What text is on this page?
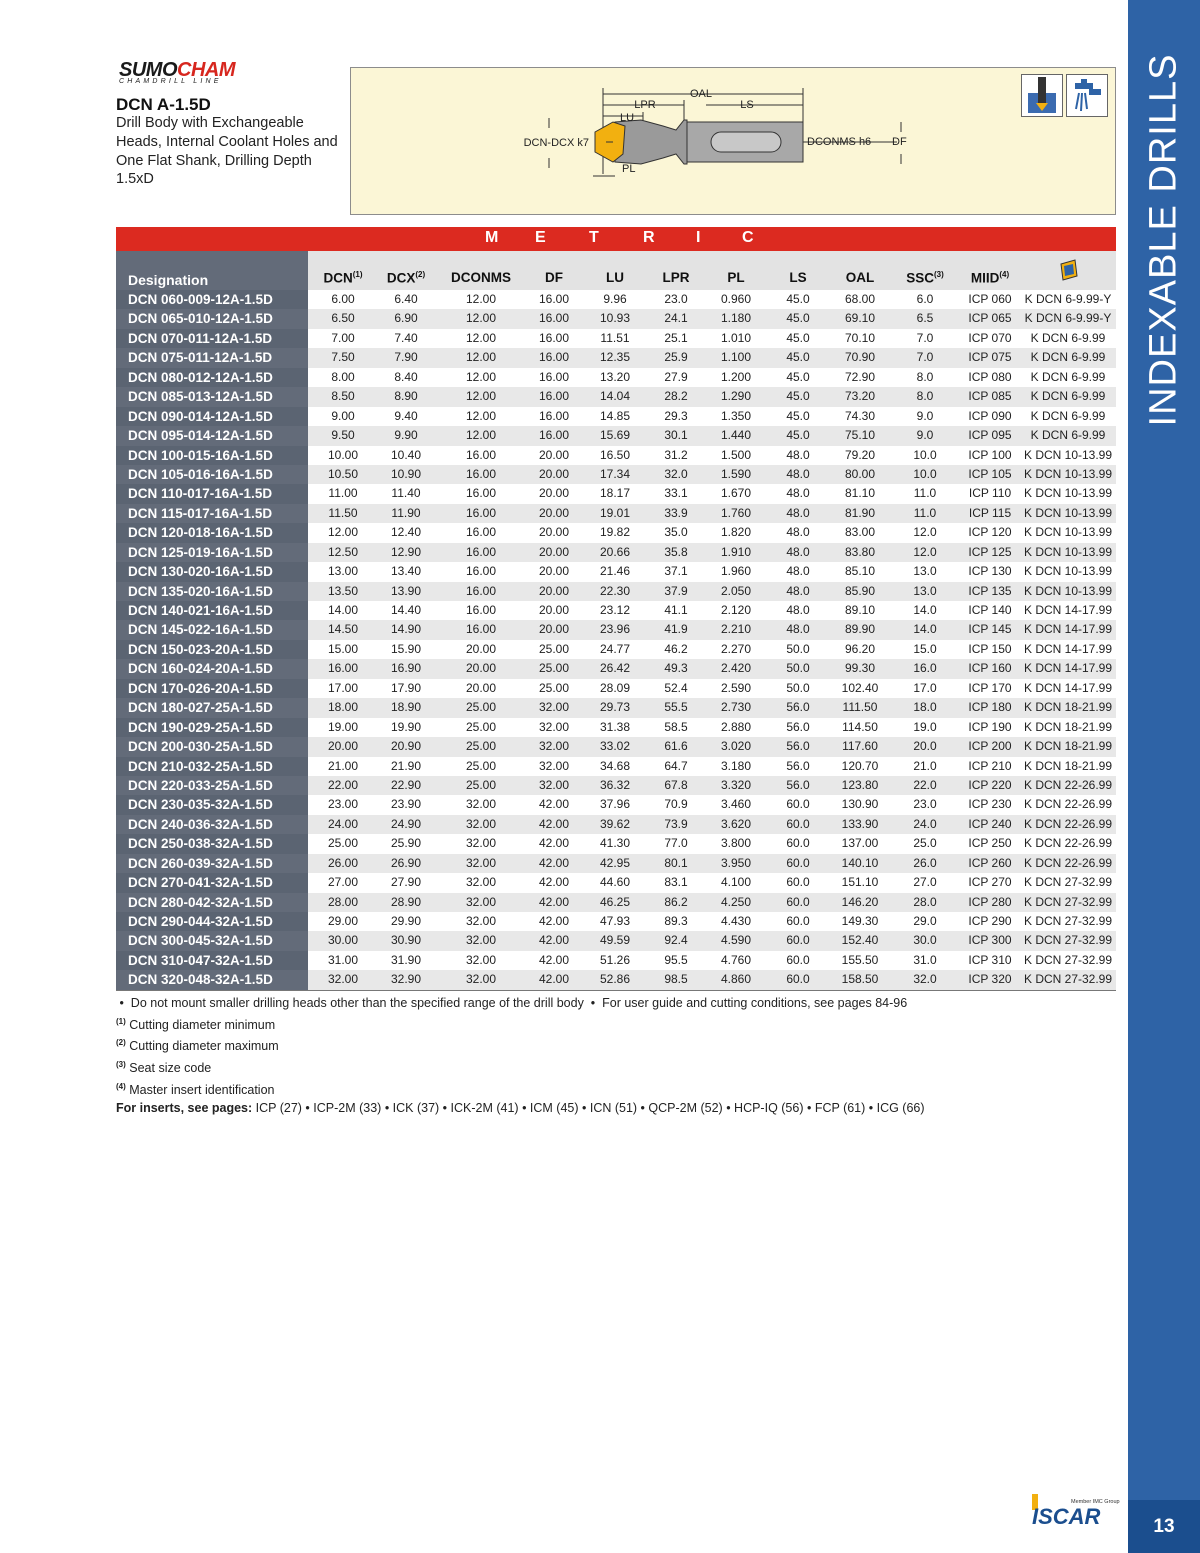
INDEXABLE DRILLS
13
SUMOCHAM
CHAMDRILL LINE
DCN A-1.5D
Drill Body with Exchangeable Heads, Internal Coolant Holes and One Flat Shank, Drilling Depth 1.5xD
OAL
LPR	LS
LU
DCN-DCX k7	DCONMS h6 DF
PL
M E	T	R	I	C
Designation	DCN$^{(1)}$ DCX$^{(2)}$ DCONMS	DF	LU	LPR	PL	LS	OAL SSC$^{(3)}$ MIID$^{(4)}$
DCN 060-009-12A-1.5D	6.00	6.40	12.00	16.00	9.96	23.0	0.960	45.0	68.00	6.0	ICP 060 K DCN 6-9.99-Y
DCN 065-010-12A-1.5D	6.50	6.90	12.00	16.00	10.93	24.1	1.180	45.0	69.10	6.5	ICP 065 K DCN 6-9.99-Y
DCN 070-011-12A-1.5D	7.00	7.40	12.00	16.00	11.51	25.1	1.010	45.0	70.10	7.0	ICP 070 K DCN 6-9.99
DCN 075-011-12A-1.5D	7.50	7.90	12.00	16.00	12.35	25.9	1.100	45.0	70.90	7.0	ICP 075 K DCN 6-9.99
DCN 080-012-12A-1.5D	8.00	8.40	12.00	16.00	13.20	27.9	1.200	45.0	72.90	8.0	ICP 080 K DCN 6-9.99
DCN 085-013-12A-1.5D	8.50	8.90	12.00	16.00	14.04	28.2	1.290	45.0	73.20	8.0	ICP 085 K DCN 6-9.99
DCN 090-014-12A-1.5D	9.00	9.40	12.00	16.00	14.85	29.3	1.350	45.0	74.30	9.0	ICP 090 K DCN 6-9.99
DCN 095-014-12A-1.5D	9.50	9.90	12.00	16.00	15.69	30.1	1.440	45.0	75.10	9.0	ICP 095 K DCN 6-9.99
DCN 100-015-16A-1.5D	10.00	10.40	16.00	20.00	16.50	31.2	1.500	48.0	79.20	10.0	ICP 100 K DCN 10-13.99
DCN 105-016-16A-1.5D	10.50	10.90	16.00	20.00	17.34	32.0	1.590	48.0	80.00	10.0	ICP 105 K DCN 10-13.99
DCN 110-017-16A-1.5D	11.00	11.40	16.00	20.00	18.17	33.1	1.670	48.0	81.10	11.0	ICP 110 K DCN 10-13.99
DCN 115-017-16A-1.5D	11.50	11.90	16.00	20.00	19.01	33.9	1.760	48.0	81.90	11.0	ICP 115 K DCN 10-13.99
DCN 120-018-16A-1.5D	12.00	12.40	16.00	20.00	19.82	35.0	1.820	48.0	83.00	12.0	ICP 120 K DCN 10-13.99
DCN 125-019-16A-1.5D	12.50	12.90	16.00	20.00	20.66	35.8	1.910	48.0	83.80	12.0	ICP 125 K DCN 10-13.99
DCN 130-020-16A-1.5D	13.00	13.40	16.00	20.00	21.46	37.1	1.960	48.0	85.10	13.0	ICP 130 K DCN 10-13.99
DCN 135-020-16A-1.5D	13.50	13.90	16.00	20.00	22.30	37.9	2.050	48.0	85.90	13.0	ICP 135 K DCN 10-13.99
DCN 140-021-16A-1.5D	14.00	14.40	16.00	20.00	23.12	41.1	2.120	48.0	89.10	14.0	ICP 140 K DCN 14-17.99
DCN 145-022-16A-1.5D	14.50	14.90	16.00	20.00	23.96	41.9	2.210	48.0	89.90	14.0	ICP 145 K DCN 14-17.99
DCN 150-023-20A-1.5D	15.00	15.90	20.00	25.00	24.77	46.2	2.270	50.0	96.20	15.0	ICP 150 K DCN 14-17.99
DCN 160-024-20A-1.5D	16.00	16.90	20.00	25.00	26.42	49.3	2.420	50.0	99.30	16.0	ICP 160 K DCN 14-17.99
DCN 170-026-20A-1.5D	17.00	17.90	20.00	25.00	28.09	52.4	2.590	50.0	102.40	17.0	ICP 170 K DCN 14-17.99
DCN 180-027-25A-1.5D	18.00	18.90	25.00	32.00	29.73	55.5	2.730	56.0	111.50	18.0	ICP 180 K DCN 18-21.99
DCN 190-029-25A-1.5D	19.00	19.90	25.00	32.00	31.38	58.5	2.880	56.0	114.50	19.0	ICP 190 K DCN 18-21.99
DCN 200-030-25A-1.5D	20.00	20.90	25.00	32.00	33.02	61.6	3.020	56.0	117.60	20.0	ICP 200 K DCN 18-21.99
DCN 210-032-25A-1.5D	21.00	21.90	25.00	32.00	34.68	64.7	3.180	56.0	120.70	21.0	ICP 210 K DCN 18-21.99
DCN 220-033-25A-1.5D	22.00	22.90	25.00	32.00	36.32	67.8	3.320	56.0	123.80	22.0	ICP 220 K DCN 22-26.99
DCN 230-035-32A-1.5D	23.00	23.90	32.00	42.00	37.96	70.9	3.460	60.0	130.90	23.0	ICP 230 K DCN 22-26.99
DCN 240-036-32A-1.5D	24.00	24.90	32.00	42.00	39.62	73.9	3.620	60.0	133.90	24.0	ICP 240 K DCN 22-26.99
DCN 250-038-32A-1.5D	25.00	25.90	32.00	42.00	41.30	77.0	3.800	60.0	137.00	25.0	ICP 250 K DCN 22-26.99
DCN 260-039-32A-1.5D	26.00	26.90	32.00	42.00	42.95	80.1	3.950	60.0	140.10	26.0	ICP 260 K DCN 22-26.99
DCN 270-041-32A-1.5D	27.00	27.90	32.00	42.00	44.60	83.1	4.100	60.0	151.10	27.0	ICP 270 K DCN 27-32.99
DCN 280-042-32A-1.5D	28.00	28.90	32.00	42.00	46.25	86.2	4.250	60.0	146.20	28.0	ICP 280 K DCN 27-32.99
DCN 290-044-32A-1.5D	29.00	29.90	32.00	42.00	47.93	89.3	4.430	60.0	149.30	29.0	ICP 290 K DCN 27-32.99
DCN 300-045-32A-1.5D	30.00	30.90	32.00	42.00	49.59	92.4	4.590	60.0	152.40	30.0	ICP 300 K DCN 27-32.99
DCN 310-047-32A-1.5D	31.00	31.90	32.00	42.00	51.26	95.5	4.760	60.0	155.50	31.0	ICP 310 K DCN 27-32.99
DCN 320-048-32A-1.5D	32.00	32.90	32.00	42.00	52.86	98.5	4.860	60.0	158.50	32.0	ICP 320 K DCN 27-32.99
•  Do not mount smaller drilling heads other than the specified range of the drill body  •  For user guide and cutting conditions, see pages 84-96
$^{(1)}$ Cutting diameter minimum
$^{(2)}$ Cutting diameter maximum
$^{(3)}$ Seat size code
$^{(4)}$ Master insert identification
For inserts, see pages: ICP (27) • ICP-2M (33) • ICK (37) • ICK-2M (41) • ICM (45) • ICN (51) • QCP-2M (52) • HCP-IQ (56) • FCP (61) • ICG (66)
Member IMC Group
ISCAR
